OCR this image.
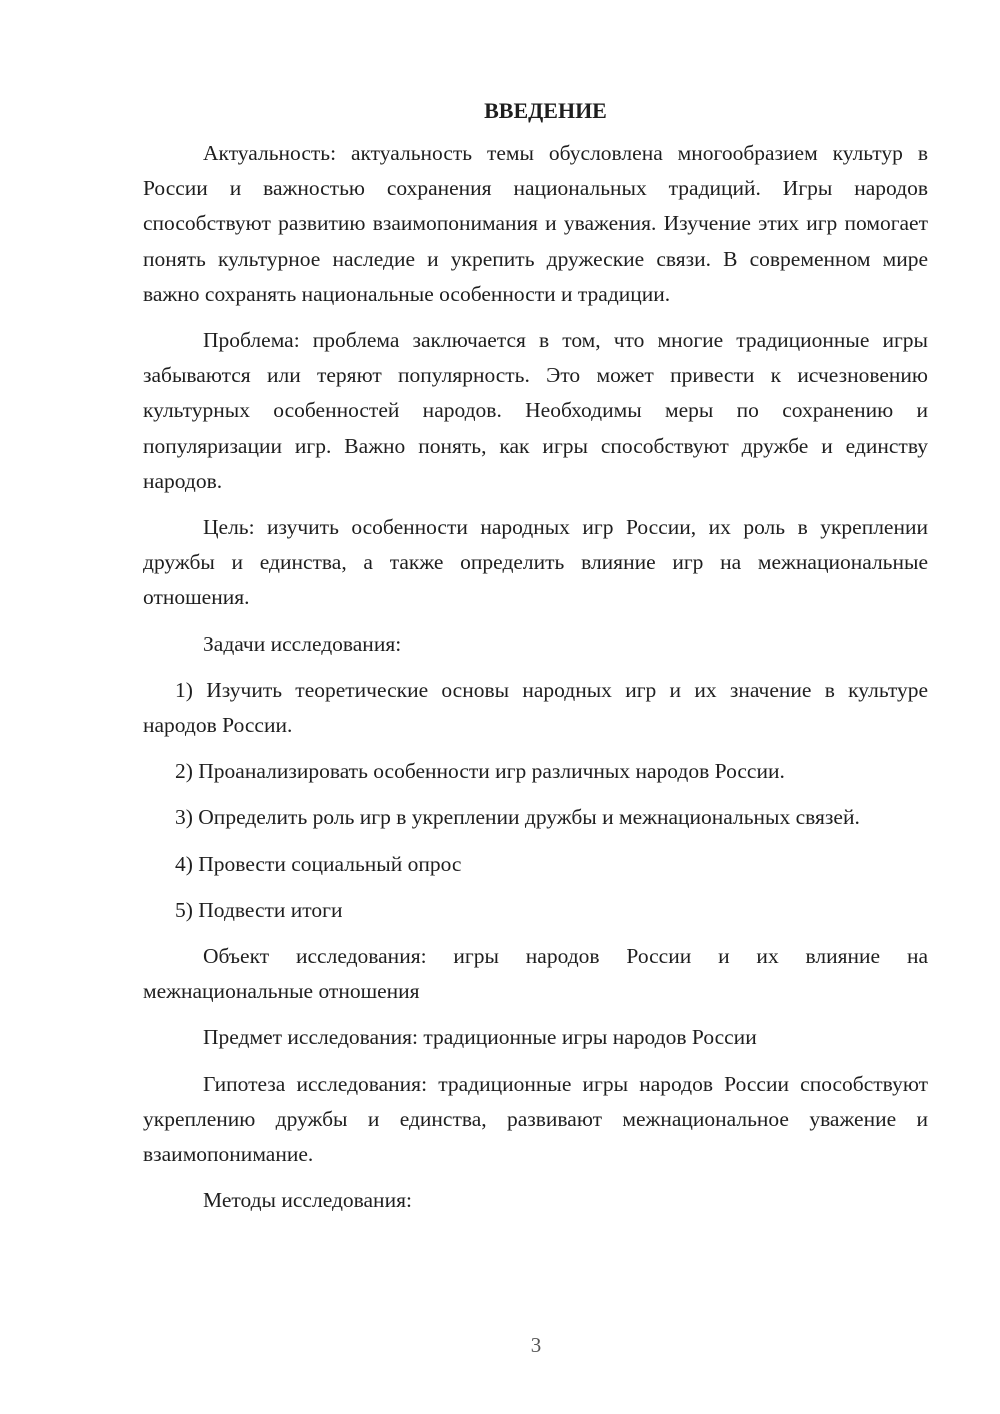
ВВЕДЕНИЕ

Актуальность: актуальность темы обусловлена многообразием культур в России и важностью сохранения национальных традиций. Игры народов способствуют развитию взаимопонимания и уважения. Изучение этих игр помогает понять культурное наследие и укрепить дружеские связи. В современном мире важно сохранять национальные особенности и традиции.

Проблема: проблема заключается в том, что многие традиционные игры забываются или теряют популярность. Это может привести к исчезновению культурных особенностей народов. Необходимы меры по сохранению и популяризации игр. Важно понять, как игры способствуют дружбе и единству народов.

Цель: изучить особенности народных игр России, их роль в укреплении дружбы и единства, а также определить влияние игр на межнациональные отношения.

Задачи исследования:

1) Изучить теоретические основы народных игр и их значение в культуре народов России.

2) Проанализировать особенности игр различных народов России.

3) Определить роль игр в укреплении дружбы и межнациональных связей.

4) Провести социальный опрос

5) Подвести итоги

Объект исследования: игры народов России и их влияние на межнациональные отношения

Предмет исследования: традиционные игры народов России

Гипотеза исследования: традиционные игры народов России способствуют укреплению дружбы и единства, развивают межнациональное уважение и взаимопонимание.

Методы исследования:

3
